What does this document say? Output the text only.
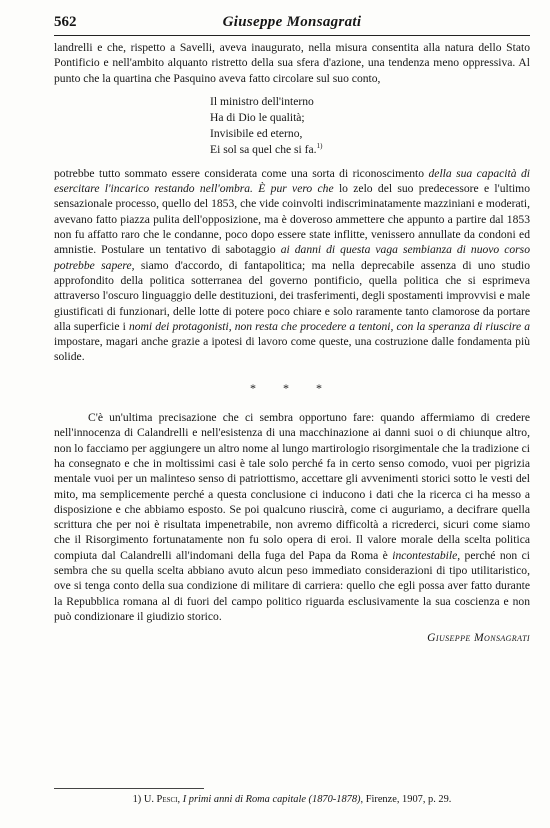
562	Giuseppe Monsagrati

landrelli e che, rispetto a Savelli, aveva inaugurato, nella misura consentita alla natura dello Stato Pontificio e nell'ambito alquanto ristretto della sua sfera d'azione, una tendenza meno oppressiva. Al punto che la quartina che Pasquino aveva fatto circolare sul suo conto,

Il ministro dell'interno
Ha di Dio le qualità;
Invisibile ed eterno,
Ei sol sa quel che si fa.$^{1)}$

potrebbe tutto sommato essere considerata come una sorta di riconoscimento della sua capacità di esercitare l'incarico restando nell'ombra. È pur vero che lo zelo del suo predecessore e l'ultimo sensazionale processo, quello del 1853, che vide coinvolti indiscriminatamente mazziniani e moderati, avevano fatto piazza pulita dell'opposizione, ma è doveroso ammettere che appunto a partire dal 1853 non fu affatto raro che le condanne, poco dopo essere state inflitte, venissero annullate da condoni ed amnistie. Postulare un tentativo di sabotaggio ai danni di questa vaga sembianza di nuovo corso potrebbe sapere, siamo d'accordo, di fantapolitica; ma nella deprecabile assenza di uno studio approfondito della politica sotterranea del governo pontificio, quella politica che si esprimeva attraverso l'oscuro linguaggio delle destituzioni, dei trasferimenti, degli spostamenti improvvisi e male giustificati di funzionari, delle lotte di potere poco chiare e solo raramente tanto clamorose da portare alla superficie i nomi dei protagonisti, non resta che procedere a tentoni, con la speranza di riuscire a impostare, magari anche grazie a ipotesi di lavoro come queste, una costruzione dalle fondamenta più solide.

* * *

C'è un'ultima precisazione che ci sembra opportuno fare: quando affermiamo di credere nell'innocenza di Calandrelli e nell'esistenza di una macchinazione ai danni suoi o di chiunque altro, non lo facciamo per aggiungere un altro nome al lungo martirologio risorgimentale che la tradizione ci ha consegnato e che in moltissimi casi è tale solo perché fa in certo senso comodo, vuoi per pigrizia mentale vuoi per un malinteso senso di patriottismo, accettare gli avvenimenti storici sotto le vesti del mito, ma semplicemente perché a questa conclusione ci inducono i dati che la ricerca ci ha messo a disposizione e che abbiamo esposto. Se poi qualcuno riuscirà, come ci auguriamo, a decifrare quella scrittura che per noi è risultata impenetrabile, non avremo difficoltà a ricrederci, sicuri come siamo che il Risorgimento fortunatamente non fu solo opera di eroi. Il valore morale della scelta politica compiuta dal Calandrelli all'indomani della fuga del Papa da Roma è incontestabile, perché non ci sembra che su quella scelta abbiano avuto alcun peso immediato considerazioni di tipo utilitaristico, ove si tenga conto della sua condizione di militare di carriera: quello che egli possa aver fatto durante la Repubblica romana al di fuori del campo politico riguarda esclusivamente la sua coscienza e non può condizionare il giudizio storico.

Giuseppe Monsagrati
1) U. Pesci, I primi anni di Roma capitale (1870-1878), Firenze, 1907, p. 29.
